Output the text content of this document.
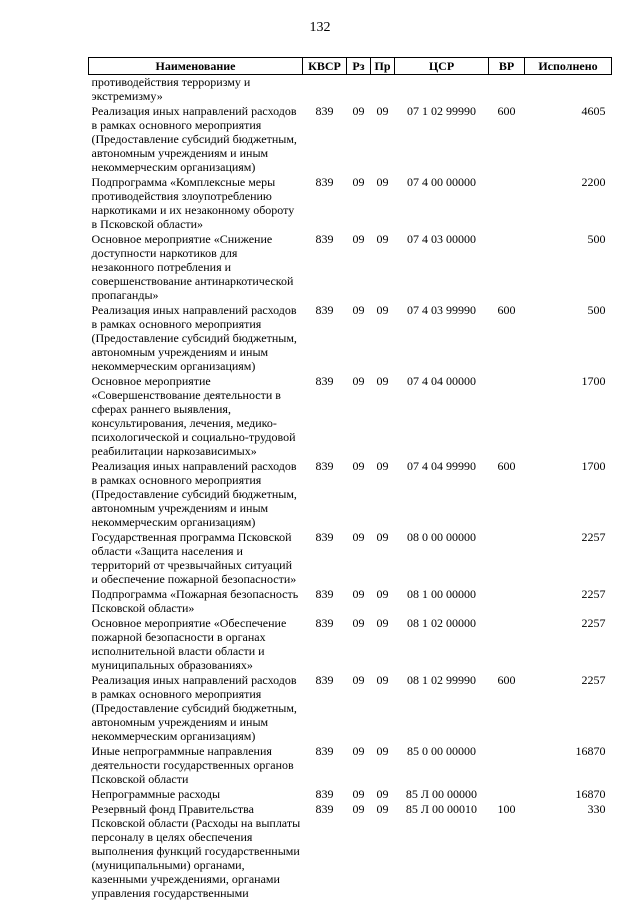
132
Наименование	КВСР	Рз	Пр	ЦСР	ВР	Исполнено
противодействия терроризму и экстремизму»						
Реализация иных направлений расходов в рамках основного мероприятия (Предоставление субсидий бюджетным, автономным учреждениям и иным некоммерческим организациям)	839	09	09	07 1 02 99990	600	4605
Подпрограмма «Комплексные меры противодействия злоупотреблению наркотиками и их незаконному обороту в Псковской области»	839	09	09	07 4 00 00000		2200
Основное мероприятие «Снижение доступности наркотиков для незаконного потребления и совершенствование антинаркотической пропаганды»	839	09	09	07 4 03 00000		500
Реализация иных направлений расходов в рамках основного мероприятия (Предоставление субсидий бюджетным, автономным учреждениям и иным некоммерческим организациям)	839	09	09	07 4 03 99990	600	500
Основное мероприятие «Совершенствование деятельности в сферах раннего выявления, консультирования, лечения, медико-психологической и социально-трудовой реабилитации наркозависимых»	839	09	09	07 4 04 00000		1700
Реализация иных направлений расходов в рамках основного мероприятия (Предоставление субсидий бюджетным, автономным учреждениям и иным некоммерческим организациям)	839	09	09	07 4 04 99990	600	1700
Государственная программа Псковской области «Защита населения и территорий от чрезвычайных ситуаций и обеспечение пожарной безопасности»	839	09	09	08 0 00 00000		2257
Подпрограмма «Пожарная безопасность Псковской области»	839	09	09	08 1 00 00000		2257
Основное мероприятие «Обеспечение пожарной безопасности в органах исполнительной власти области и муниципальных образованиях»	839	09	09	08 1 02 00000		2257
Реализация иных направлений расходов в рамках основного мероприятия (Предоставление субсидий бюджетным, автономным учреждениям и иным некоммерческим организациям)	839	09	09	08 1 02 99990	600	2257
Иные непрограммные направления деятельности государственных органов Псковской области	839	09	09	85 0 00 00000		16870
Непрограммные расходы	839	09	09	85 Л 00 00000		16870
Резервный фонд Правительства Псковской области (Расходы на выплаты персоналу в целях обеспечения выполнения функций государственными (муниципальными) органами, казенными учреждениями, органами управления государственными	839	09	09	85 Л 00 00010	100	330
